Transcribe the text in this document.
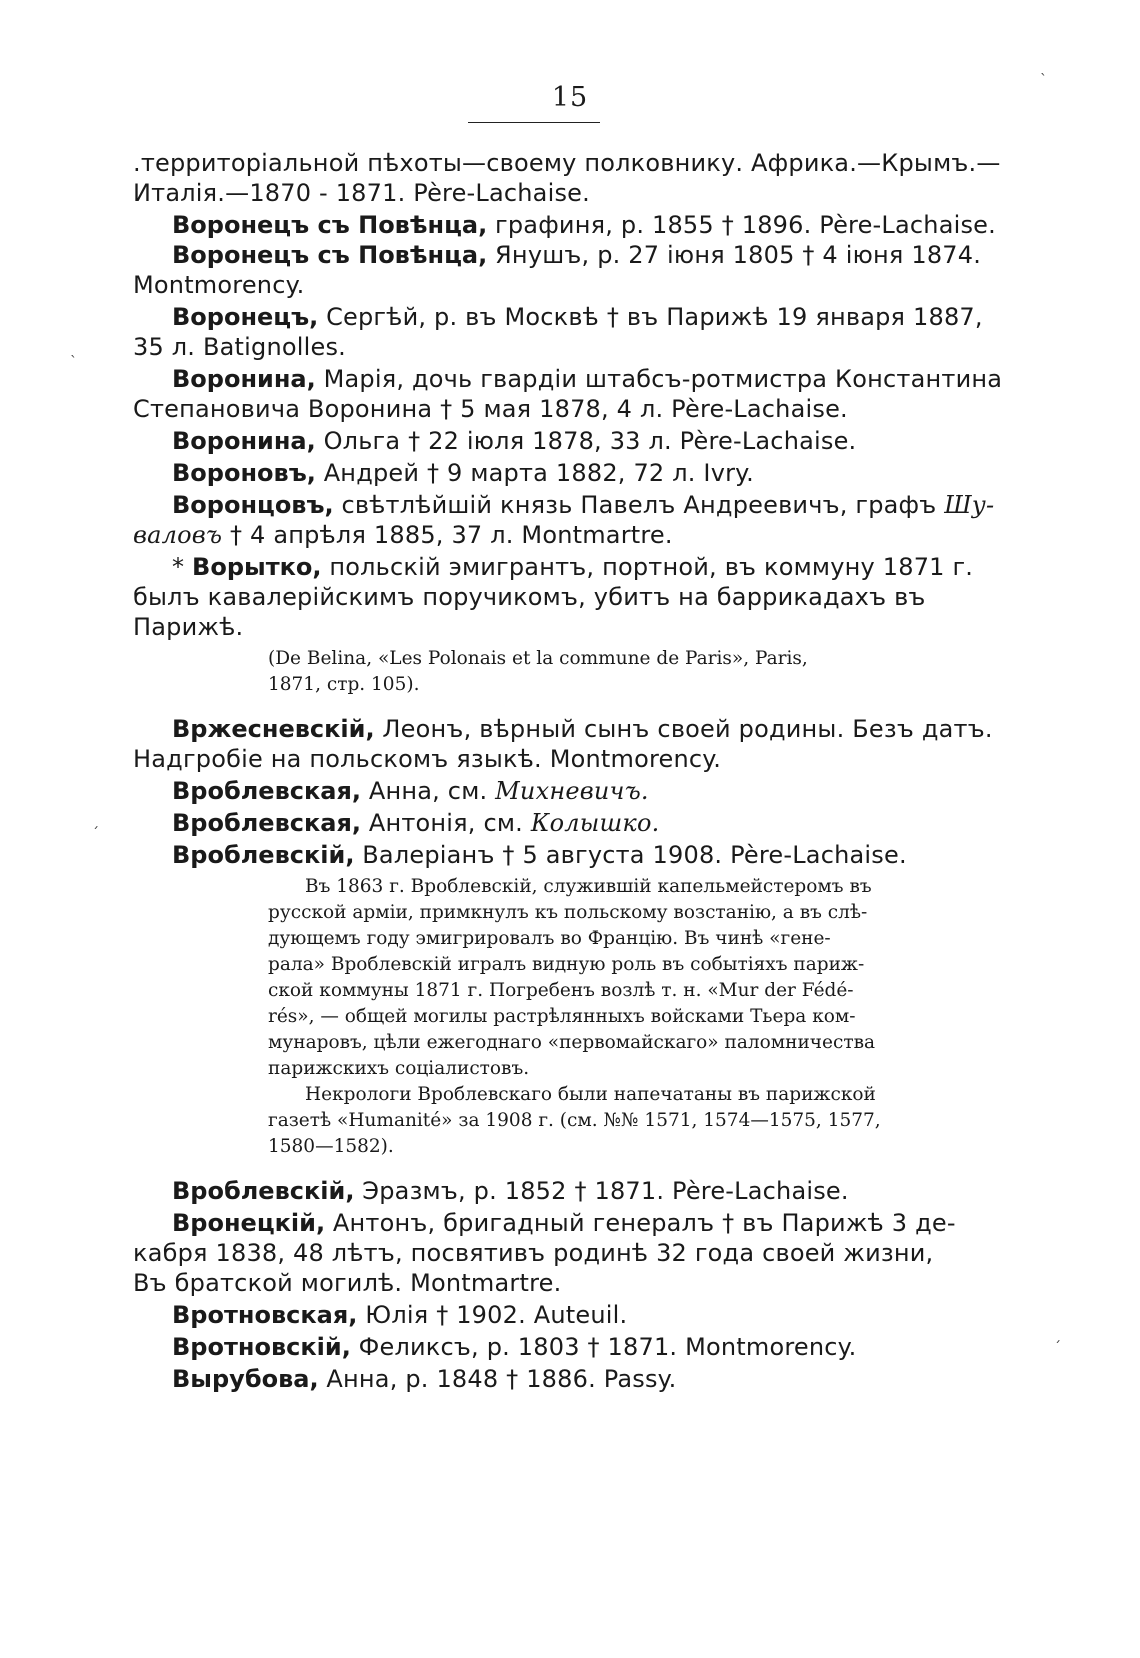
15
.территоріальной пѣхоты—своему полковнику. Африка.—Крымъ.—
Италія.—1870 - 1871. Père-Lachaise.
Воронецъ съ Повѣнца, графиня, р. 1855 † 1896. Père-Lachaise.
Воронецъ съ Повѣнца, Янушъ, р. 27 іюня 1805 † 4 іюня 1874.
Montmorency.
Воронецъ, Сергѣй, р. въ Москвѣ † въ Парижѣ 19 января 1887,
35 л. Batignolles.
Воронина, Марія, дочь гвардіи штабсъ-ротмистра Константина
Степановича Воронина † 5 мая 1878, 4 л. Père-Lachaise.
Воронина, Ольга † 22 іюля 1878, 33 л. Père-Lachaise.
Вороновъ, Андрей † 9 марта 1882, 72 л. Ivry.
Воронцовъ, свѣтлѣйшій князь Павелъ Андреевичъ, графъ Шу-
валовъ † 4 апрѣля 1885, 37 л. Montmartre.
* Ворытко, польскій эмигрантъ, портной, въ коммуну 1871 г.
былъ кавалерійскимъ поручикомъ, убитъ на баррикадахъ въ
Парижѣ.
(De Belina, «Les Polonais et la commune de Paris», Paris,
1871, стр. 105).
Вржесневскій, Леонъ, вѣрный сынъ своей родины. Безъ датъ.
Надгробіе на польскомъ языкѣ. Montmorency.
Вроблевская, Анна, см. Михневичъ.
Вроблевская, Антонія, см. Колышко.
Вроблевскій, Валеріанъ † 5 августа 1908. Père-Lachaise.
Въ 1863 г. Вроблевскій, служившій капельмейстеромъ въ
русской арміи, примкнулъ къ польскому возстанію, а въ слѣ-
дующемъ году эмигрировалъ во Францію. Въ чинѣ «генe-
рала» Вроблевскій игралъ видную роль въ событіяхъ париж-
ской коммуны 1871 г. Погребенъ возлѣ т. н. «Mur der Fédé-
rés», — общей могилы растрѣлянныхъ войсками Тьера ком-
мунаровъ, цѣли ежегоднаго «первомайскаго» паломничества
парижскихъ соціалистовъ.
Некрологи Вроблевскаго были напечатаны въ парижской
газетѣ «Humanité» за 1908 г. (см. №№ 1571, 1574—1575, 1577,
1580—1582).
Вроблевскій, Эразмъ, р. 1852 † 1871. Père-Lachaise.
Вронецкій, Антонъ, бригадный генералъ † въ Парижѣ 3 де-
кабря 1838, 48 лѣтъ, посвятивъ родинѣ 32 года своей жизни,
Въ братской могилѣ. Montmartre.
Вротновская, Юлія † 1902. Auteuil.
Вротновскій, Феликсъ, р. 1803 † 1871. Montmorency.
Вырубова, Анна, р. 1848 † 1886. Passy.
ˎ
ˎ
ˊ
ˊ
